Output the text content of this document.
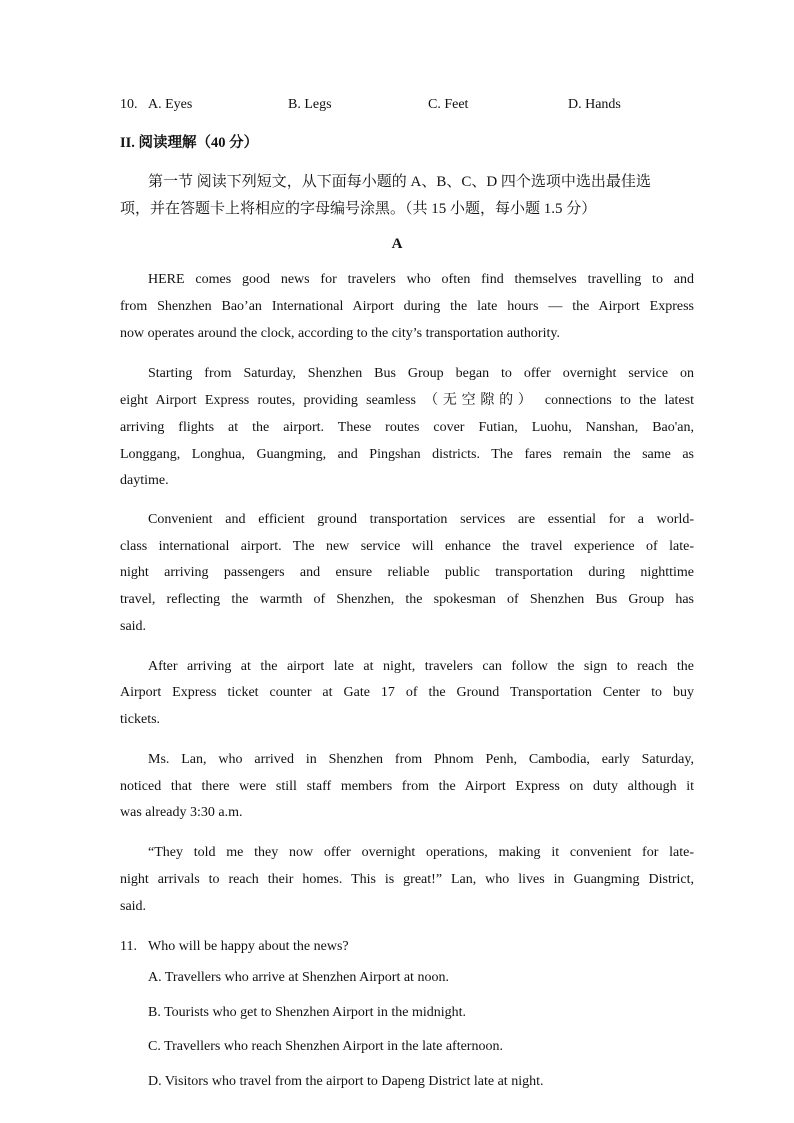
10. A. Eyes	B. Legs	C. Feet	D. Hands
II. 阅读理解（40 分）
第一节 阅读下列短文，从下面每小题的 A、B、C、D 四个选项中选出最佳选
项，并在答题卡上将相应的字母编号涂黑。（共 15 小题，每小题 1.5 分）
A
HERE comes good news for travelers who often find themselves travelling to and
from Shenzhen Bao’an International Airport during the late hours — the Airport Express
now operates around the clock, according to the city’s transportation authority.
Starting from Saturday, Shenzhen Bus Group began to offer overnight service on
eight Airport Express routes, providing seamless （无空隙的） connections to the latest
arriving flights at the airport. These routes cover Futian, Luohu, Nanshan, Bao'an,
Longgang, Longhua, Guangming, and Pingshan districts. The fares remain the same as
daytime.
Convenient and efficient ground transportation services are essential for a world-
class international airport. The new service will enhance the travel experience of late-
night arriving passengers and ensure reliable public transportation during nighttime
travel, reflecting the warmth of Shenzhen, the spokesman of Shenzhen Bus Group has
said.
After arriving at the airport late at night, travelers can follow the sign to reach the
Airport Express ticket counter at Gate 17 of the Ground Transportation Center to buy
tickets.
Ms. Lan, who arrived in Shenzhen from Phnom Penh, Cambodia, early Saturday,
noticed that there were still staff members from the Airport Express on duty although it
was already 3:30 a.m.
“They told me they now offer overnight operations, making it convenient for late-
night arrivals to reach their homes. This is great!” Lan, who lives in Guangming District,
said.
11. Who will be happy about the news?
A. Travellers who arrive at Shenzhen Airport at noon.
B. Tourists who get to Shenzhen Airport in the midnight.
C. Travellers who reach Shenzhen Airport in the late afternoon.
D. Visitors who travel from the airport to Dapeng District late at night.
